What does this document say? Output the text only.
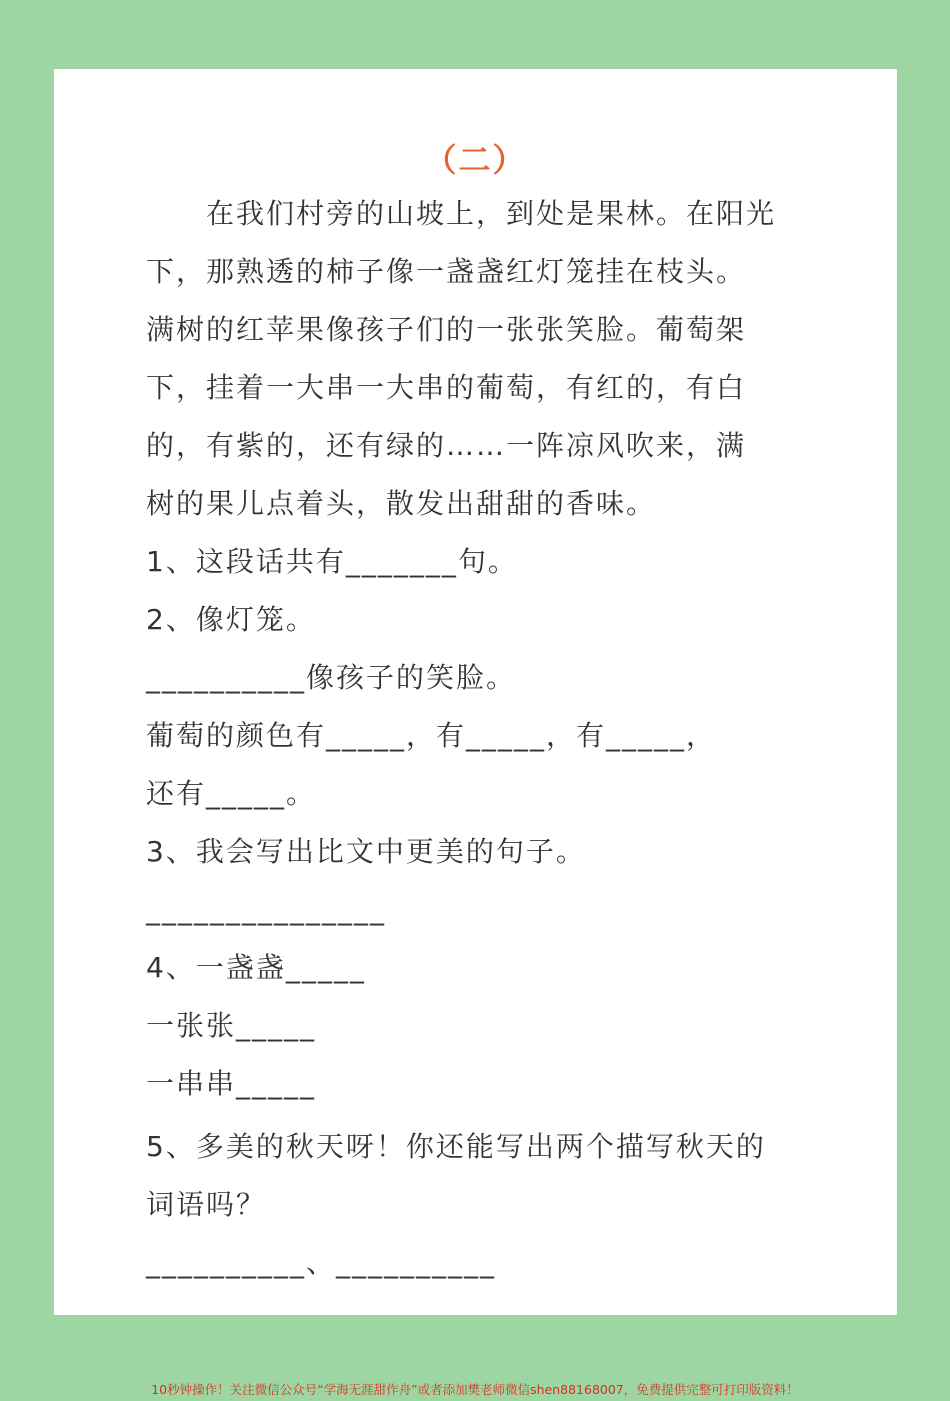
（二）
　　在我们村旁的山坡上，到处是果林。在阳光
下，那熟透的柿子像一盏盏红灯笼挂在枝头。
满树的红苹果像孩子们的一张张笑脸。葡萄架
下，挂着一大串一大串的葡萄，有红的，有白
的，有紫的，还有绿的……一阵凉风吹来，满
树的果儿点着头，散发出甜甜的香味。
1、这段话共有_______句。
2、像灯笼。
__________像孩子的笑脸。
葡萄的颜色有_____，有_____，有_____，
还有_____。
3、我会写出比文中更美的句子。
_______________
4、一盏盏_____
一张张_____
一串串_____
5、多美的秋天呀！你还能写出两个描写秋天的
词语吗？
__________、__________
10秒钟操作！关注微信公众号“学海无涯甜作舟”或者添加樊老师微信shen88168007，免费提供完整可打印版资料！
